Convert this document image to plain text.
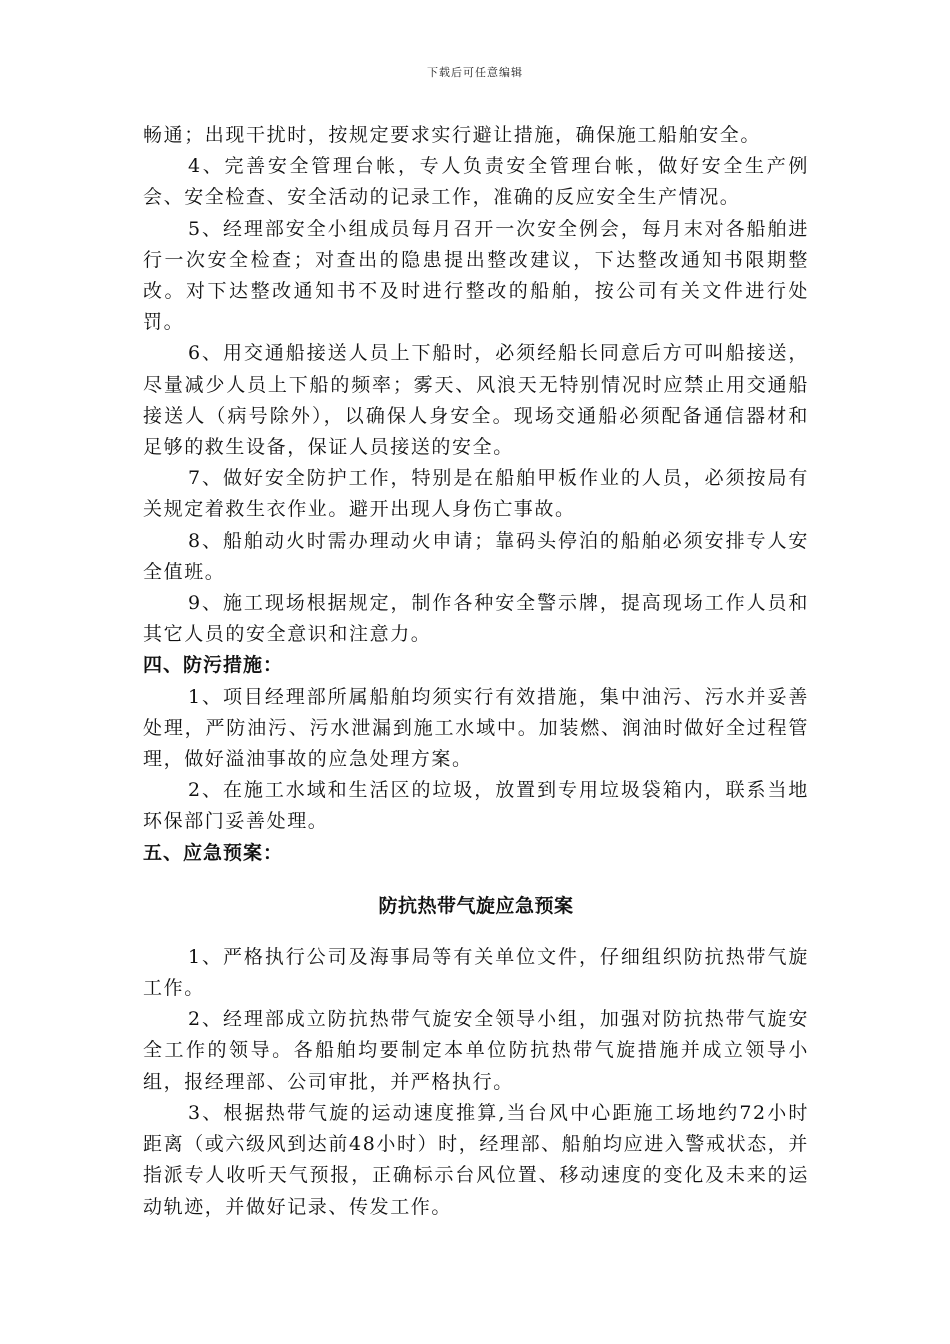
下载后可任意编辑

畅通；出现干扰时，按规定要求实行避让措施，确保施工船舶安全。

4、完善安全管理台帐，专人负责安全管理台帐，做好安全生产例会、安全检查、安全活动的记录工作，准确的反应安全生产情况。

5、经理部安全小组成员每月召开一次安全例会，每月末对各船舶进行一次安全检查；对查出的隐患提出整改建议，下达整改通知书限期整改。对下达整改通知书不及时进行整改的船舶，按公司有关文件进行处罚。

6、用交通船接送人员上下船时，必须经船长同意后方可叫船接送，尽量减少人员上下船的频率；雾天、风浪天无特别情况时应禁止用交通船接送人（病号除外），以确保人身安全。现场交通船必须配备通信器材和足够的救生设备，保证人员接送的安全。

7、做好安全防护工作，特别是在船舶甲板作业的人员，必须按局有关规定着救生衣作业。避开出现人身伤亡事故。

8、船舶动火时需办理动火申请；靠码头停泊的船舶必须安排专人安全值班。

9、施工现场根据规定，制作各种安全警示牌，提高现场工作人员和其它人员的安全意识和注意力。

四、防污措施：

1、项目经理部所属船舶均须实行有效措施，集中油污、污水并妥善处理，严防油污、污水泄漏到施工水域中。加装燃、润油时做好全过程管理，做好溢油事故的应急处理方案。

2、在施工水域和生活区的垃圾，放置到专用垃圾袋箱内，联系当地环保部门妥善处理。

五、应急预案：

防抗热带气旋应急预案

1、严格执行公司及海事局等有关单位文件，仔细组织防抗热带气旋工作。

2、经理部成立防抗热带气旋安全领导小组，加强对防抗热带气旋安全工作的领导。各船舶均要制定本单位防抗热带气旋措施并成立领导小组，报经理部、公司审批，并严格执行。

3、根据热带气旋的运动速度推算,当台风中心距施工场地约72小时距离（或六级风到达前48小时）时，经理部、船舶均应进入警戒状态，并指派专人收听天气预报，正确标示台风位置、移动速度的变化及未来的运动轨迹，并做好记录、传发工作。
